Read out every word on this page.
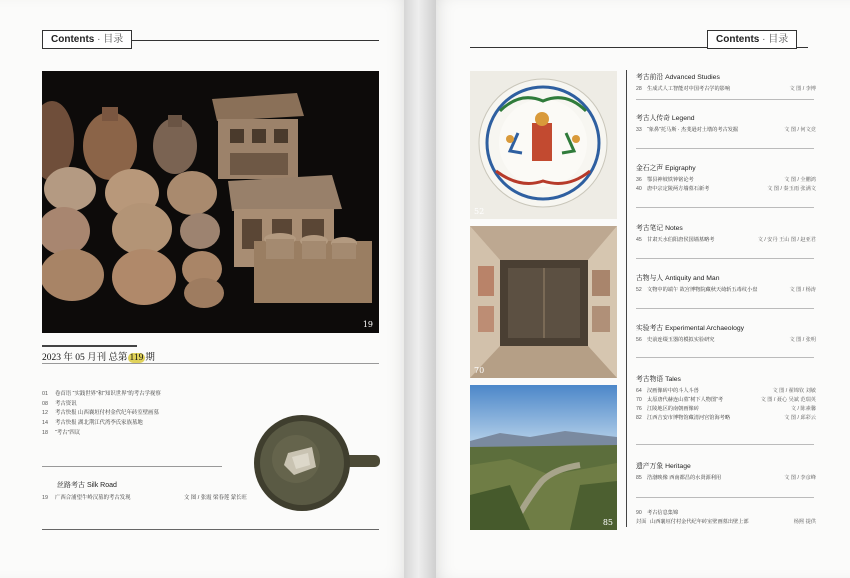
Contents · 目录	Contents · 目录
19
2023 年 05 月刊 总第 119 期
01	卷首语 “实践世界”和“知识世界”的考古学视察
08	考古资讯
12	考古快报 山西襄垣付村金代纪年砖室壁画墓
14	考古快报 湖北荆江代湾李氏家族墓地
18	“考古”四议
丝路考古 Silk Road
19 广西合浦望牛岭汉墓的考古发现	文 图 / 张霞 梁春莲 蒙长旺
52
70
85
考古前沿 Advanced Studies
28	生成式人工智能对中国考古学的影响	文 图 / 李博
考古人传奇 Legend
33	“象鼻”托马斯 · 杰斐逊对土墩的考古发掘	文 图 / 何文竞
金石之声 Epigraphy
36	鄂县神坡铁钟铭论考	文 图 / 全鹏鸿
40	唐中宗定陵两方墙墓石新考	文 图 / 秦玉雨 张满文
考古笔记 Notes
45	甘肃天水伯阳唐侯国墙墓略考	文 / 安丹 王山 图 / 赵亚君
古物与人 Antiquity and Man
52	文物中的端午 故宫博物院藏秋天绮斩五毒纹小盘	文 图 / 杨涛
实验考古 Experimental Archaeology
56	史前连缀玉器的模拟实验研究	文 图 / 张明
考古物语 Tales
64	汉画像砖中的斗人斗兽	文 图 / 翟锦钦 刘敏
70	太原唐代赫连山墓“树下人物图”考	文 图 / 聂心 吴斌 范瑞英
76	江陵地区的南朝画像砖	文 / 陈素馨
82	江西吉安市博物馆藏清河宫馆海考略	文 图 / 邱彩云
遗产万象 Heritage
85	浩渤映像 西南都昌的水贤源利用	文 图 / 李彦峰
90	考古信息集锦
封面 山西襄垣付村金代纪年砖室壁画墓出壁上部	杨熙 提供
